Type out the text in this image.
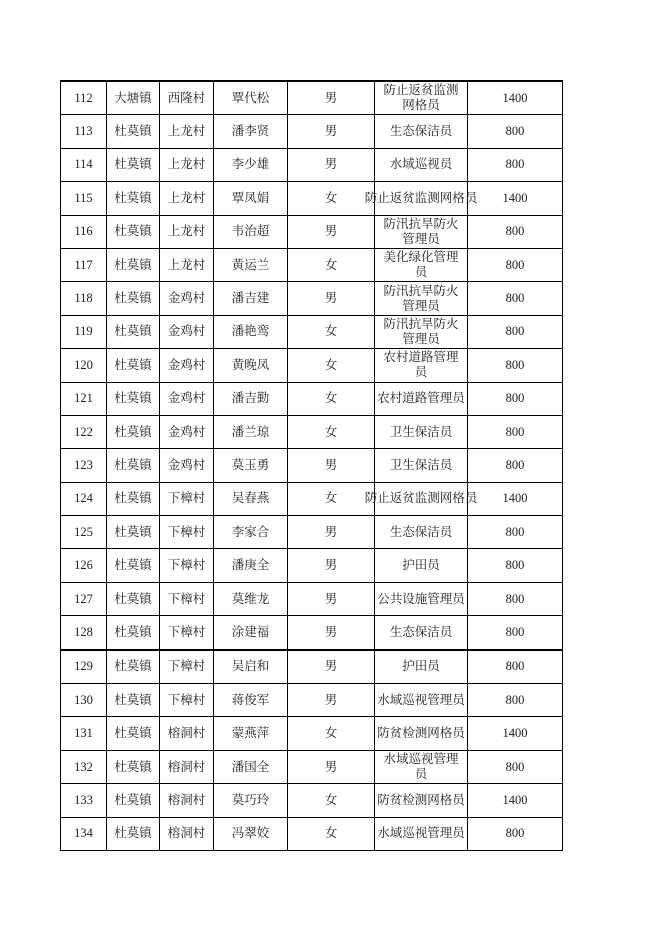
112	大塘镇	西隆村	覃代松	男	防止返贫监测网格员	1400
113	杜莫镇	上龙村	潘李贤	男	生态保洁员	800
114	杜莫镇	上龙村	李少雄	男	水域巡视员	800
115	杜莫镇	上龙村	覃凤娟	女	防止返贫监测网格员	1400
116	杜莫镇	上龙村	韦治超	男	防汛抗旱防火管理员	800
117	杜莫镇	上龙村	黄运兰	女	美化绿化管理员	800
118	杜莫镇	金鸡村	潘吉建	男	防汛抗旱防火管理员	800
119	杜莫镇	金鸡村	潘艳鸾	女	防汛抗旱防火管理员	800
120	杜莫镇	金鸡村	黄晚凤	女	农村道路管理员	800
121	杜莫镇	金鸡村	潘吉勤	女	农村道路管理员	800
122	杜莫镇	金鸡村	潘兰琼	女	卫生保洁员	800
123	杜莫镇	金鸡村	莫玉勇	男	卫生保洁员	800
124	杜莫镇	下樟村	吴春燕	女	防止返贫监测网格员	1400
125	杜莫镇	下樟村	李家合	男	生态保洁员	800
126	杜莫镇	下樟村	潘庚全	男	护田员	800
127	杜莫镇	下樟村	莫维龙	男	公共设施管理员	800
128	杜莫镇	下樟村	涂建福	男	生态保洁员	800
129	杜莫镇	下樟村	吴启和	男	护田员	800
130	杜莫镇	下樟村	蒋俊军	男	水域巡视管理员	800
131	杜莫镇	榕洞村	蒙燕萍	女	防贫检测网格员	1400
132	杜莫镇	榕洞村	潘国全	男	水域巡视管理员	800
133	杜莫镇	榕洞村	莫巧玲	女	防贫检测网格员	1400
134	杜莫镇	榕洞村	冯翠姣	女	水域巡视管理员	800
